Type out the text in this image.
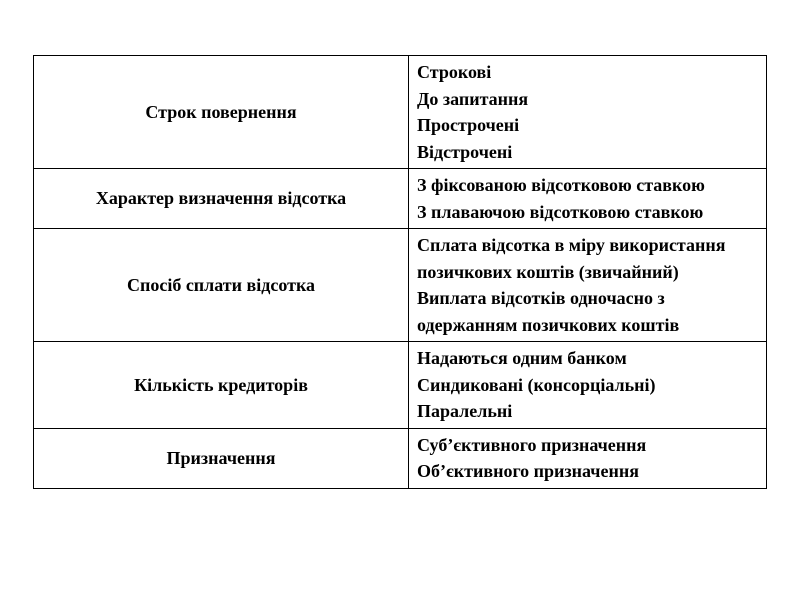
Строк повернення	Строкові
До запитання
Прострочені
Відстрочені

Характер визначення відсотка	З фіксованою відсотковою ставкою
З плаваючою відсотковою ставкою

Спосіб сплати відсотка	Сплата відсотка в міру використання позичкових коштів (звичайний)
Виплата відсотків одночасно з одержанням позичкових коштів

Кількість кредиторів	Надаються одним банком
Синдиковані (консорціальні)
Паралельні

Призначення	Суб’єктивного призначення
Об’єктивного призначення
